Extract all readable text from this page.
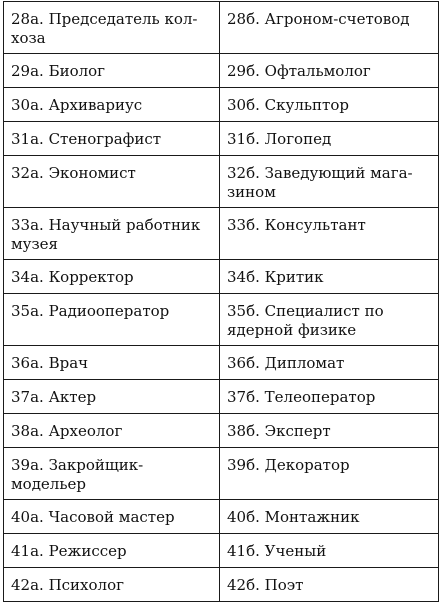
28а. Председатель кол-хоза	28б. Агроном-счетовод
29а. Биолог	29б. Офтальмолог
30а. Архивариус	30б. Скульптор
31а. Стенографист	31б. Логопед
32а. Экономист	32б. Заведующий мага-зином
33а. Научный работник музея	33б. Консультант
34а. Корректор	34б. Критик
35а. Радиооператор	35б. Специалист по ядерной физике
36а. Врач	36б. Дипломат
37а. Актер	37б. Телеоператор
38а. Археолог	38б. Эксперт
39а. Закройщик-модельер	39б. Декоратор
40а. Часовой мастер	40б. Монтажник
41а. Режиссер	41б. Ученый
42а. Психолог	42б. Поэт
